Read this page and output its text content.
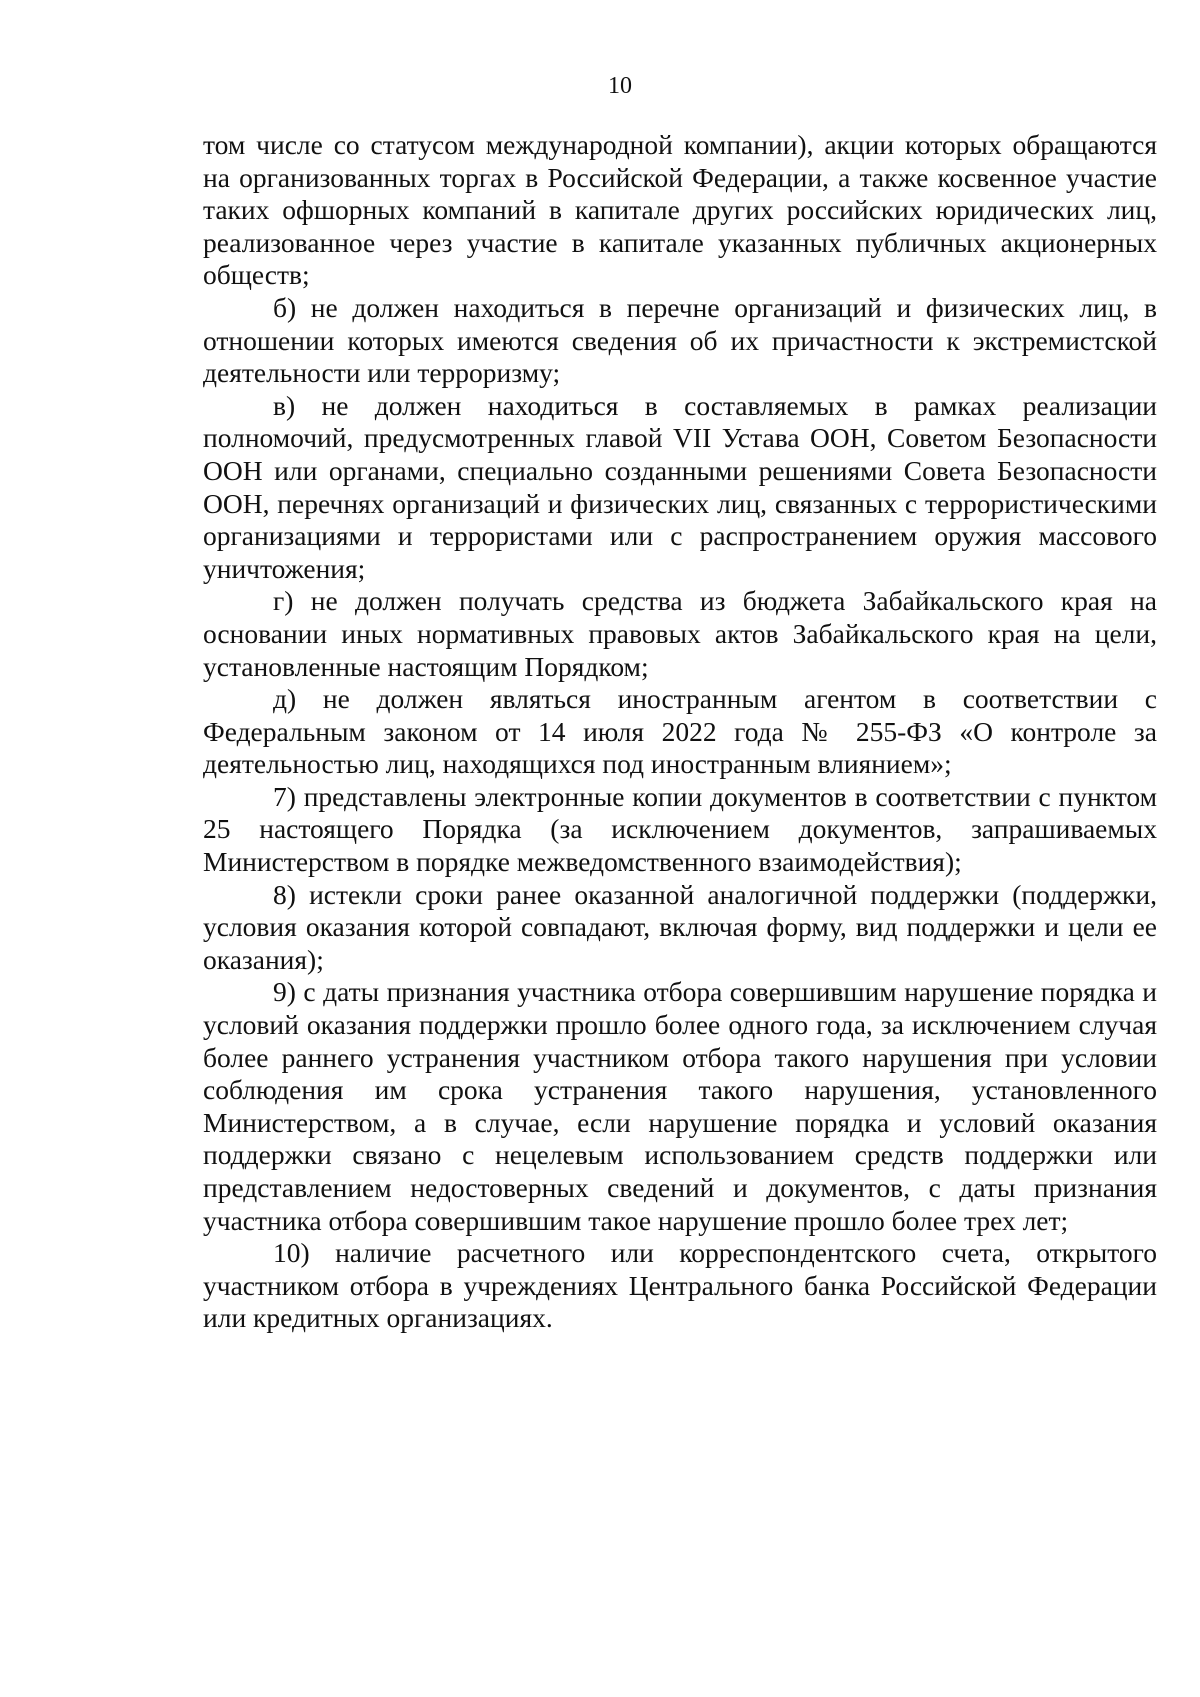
10

том числе со статусом международной компании), акции которых обращаются на организованных торгах в Российской Федерации, а также косвенное участие таких офшорных компаний в капитале других российских юридических лиц, реализованное через участие в капитале указанных публичных акционерных обществ;

б) не должен находиться в перечне организаций и физических лиц, в отношении которых имеются сведения об их причастности к экстремистской деятельности или терроризму;

в) не должен находиться в составляемых в рамках реализации полномочий, предусмотренных главой VII Устава ООН, Советом Безопасности ООН или органами, специально созданными решениями Совета Безопасности ООН, перечнях организаций и физических лиц, связанных с террористическими организациями и террористами или с распространением оружия массового уничтожения;

г) не должен получать средства из бюджета Забайкальского края на основании иных нормативных правовых актов Забайкальского края на цели, установленные настоящим Порядком;

д) не должен являться иностранным агентом в соответствии с Федеральным законом от 14 июля 2022 года № 255-ФЗ «О контроле за деятельностью лиц, находящихся под иностранным влиянием»;

7) представлены электронные копии документов в соответствии с пунктом 25 настоящего Порядка (за исключением документов, запрашиваемых Министерством в порядке межведомственного взаимодействия);

8) истекли сроки ранее оказанной аналогичной поддержки (поддержки, условия оказания которой совпадают, включая форму, вид поддержки и цели ее оказания);

9) с даты признания участника отбора совершившим нарушение порядка и условий оказания поддержки прошло более одного года, за исключением случая более раннего устранения участником отбора такого нарушения при условии соблюдения им срока устранения такого нарушения, установленного Министерством, а в случае, если нарушение порядка и условий оказания поддержки связано с нецелевым использованием средств поддержки или представлением недостоверных сведений и документов, с даты признания участника отбора совершившим такое нарушение прошло более трех лет;

10) наличие расчетного или корреспондентского счета, открытого участником отбора в учреждениях Центрального банка Российской Федерации или кредитных организациях.
